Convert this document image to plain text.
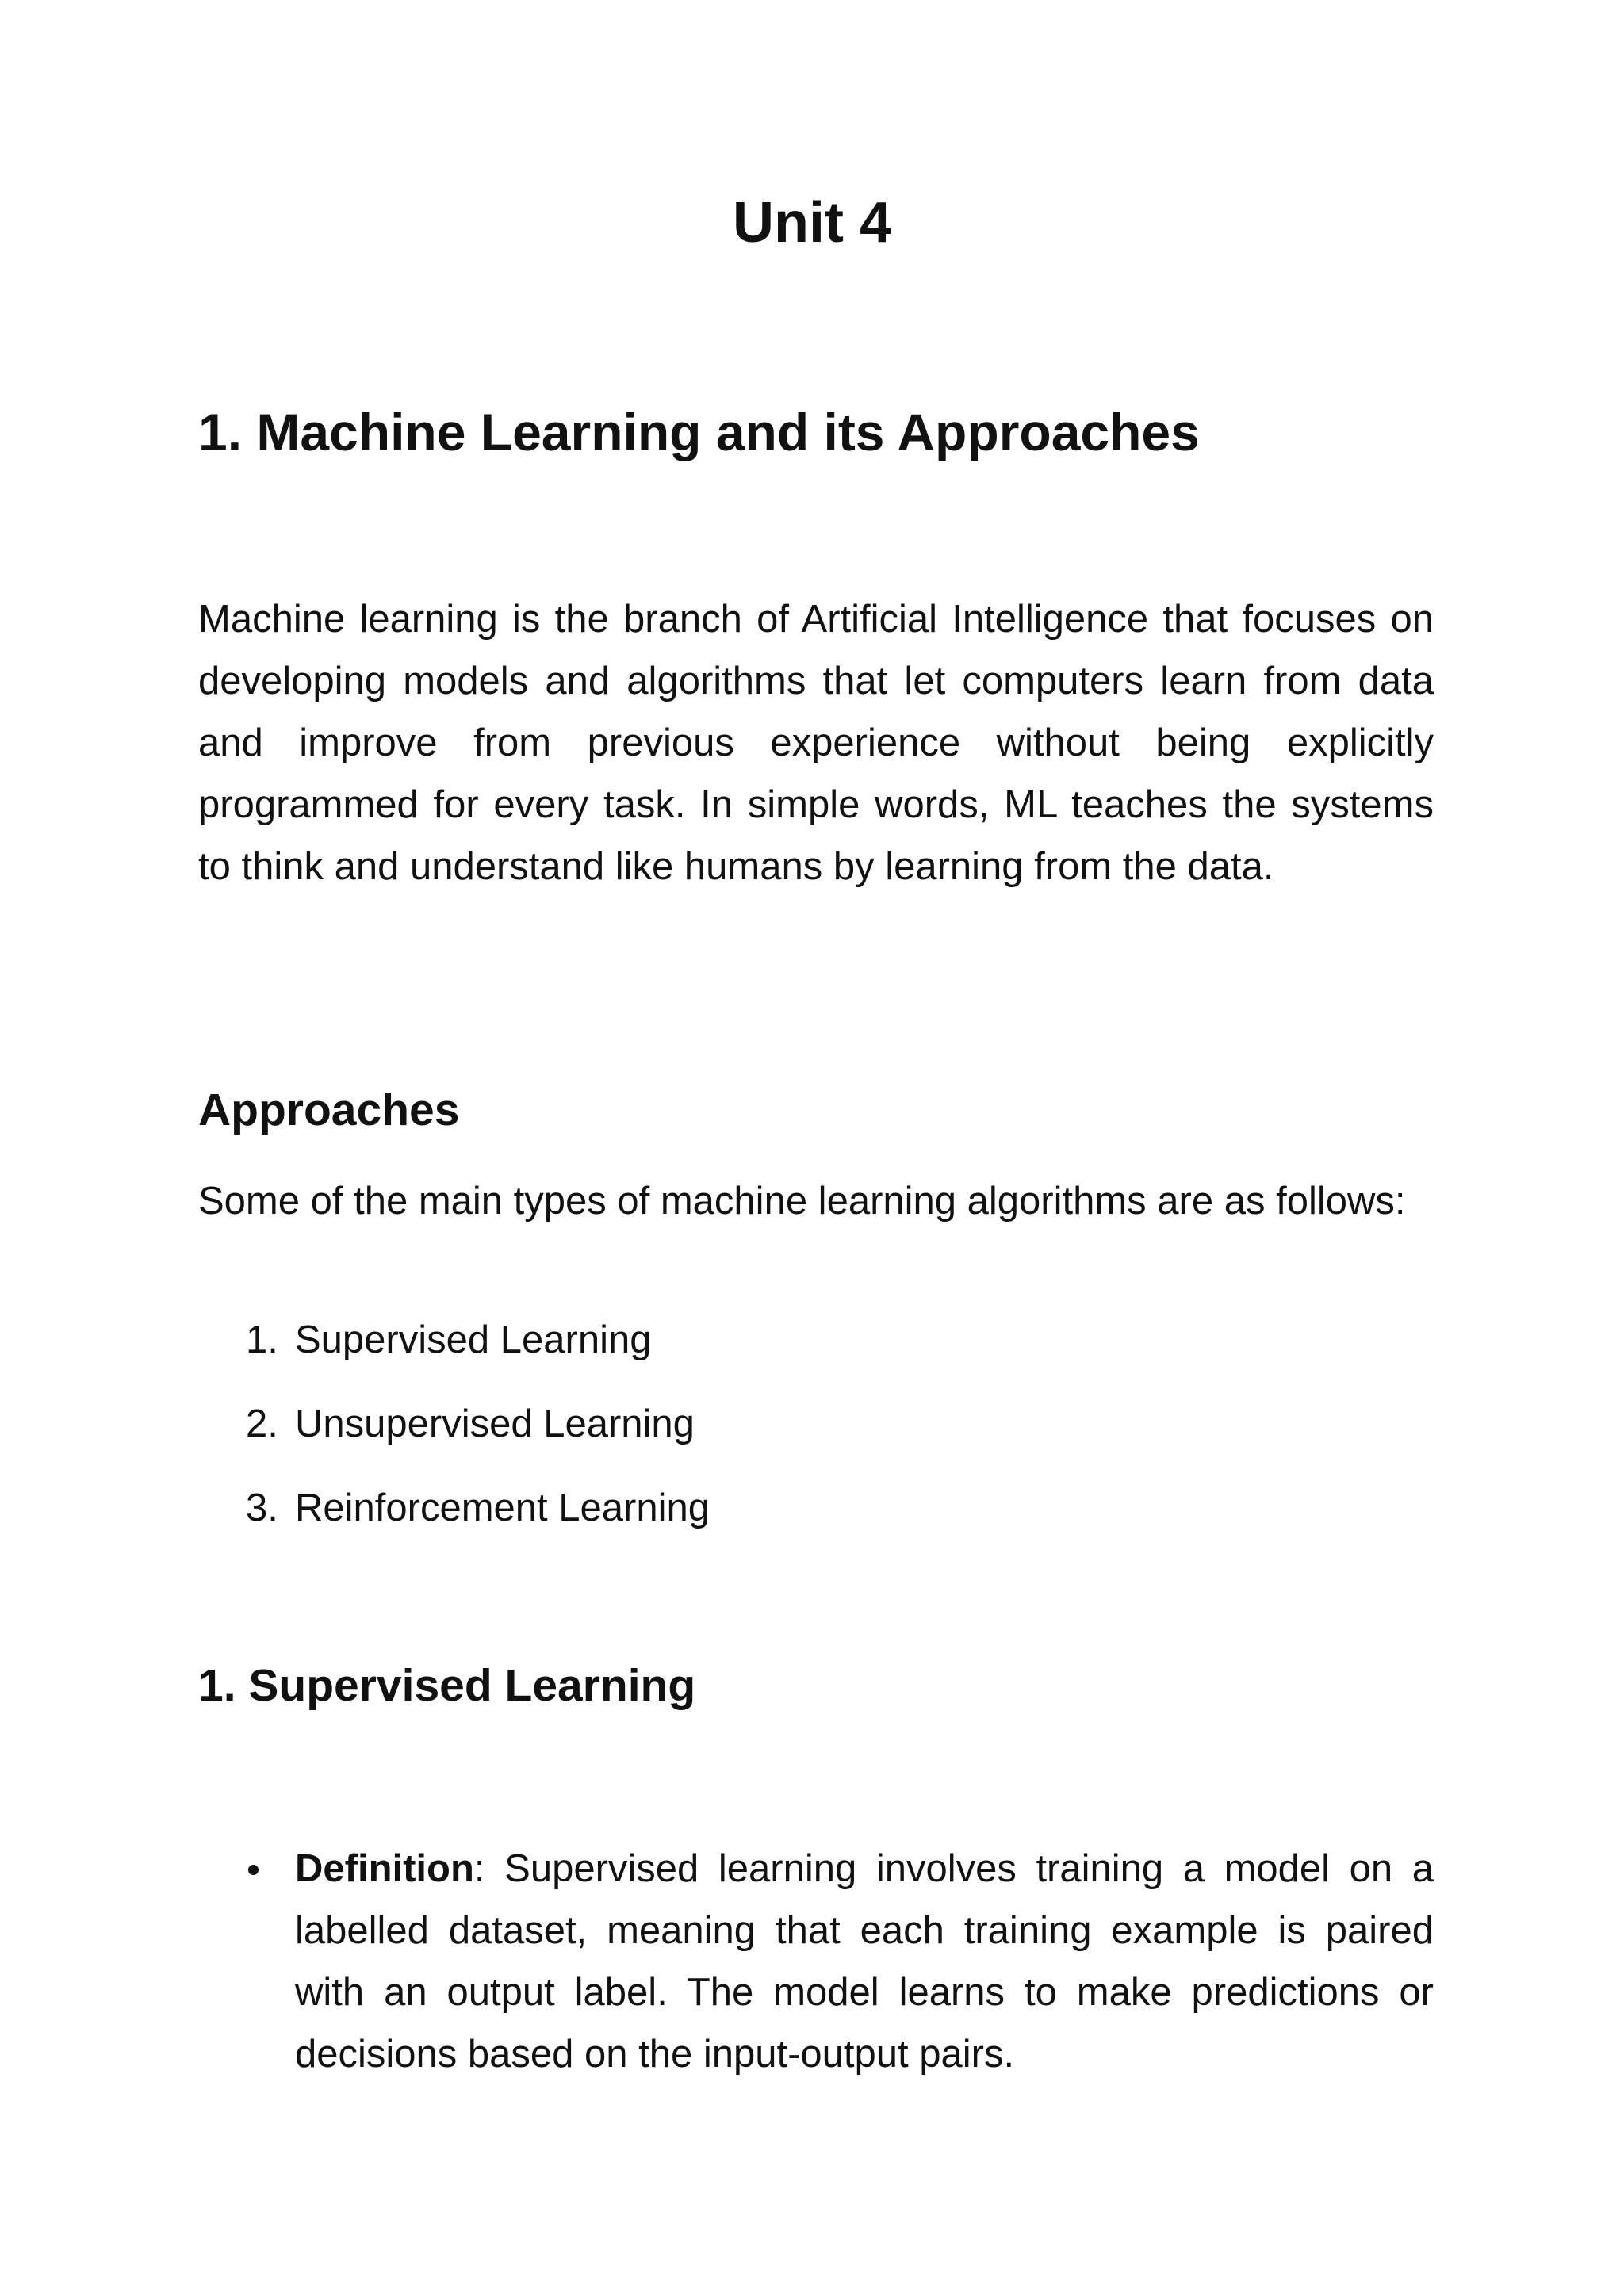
Unit 4
1. Machine Learning and its Approaches

Machine learning is the branch of Artificial Intelligence that focuses on developing models and algorithms that let computers learn from data and improve from previous experience without being explicitly programmed for every task. In simple words, ML teaches the systems to think and understand like humans by learning from the data.

Approaches

Some of the main types of machine learning algorithms are as follows:

1. Supervised Learning
2. Unsupervised Learning
3. Reinforcement Learning
1. Supervised Learning

Definition: Supervised learning involves training a model on a labelled dataset, meaning that each training example is paired with an output label. The model learns to make predictions or decisions based on the input-output pairs.
